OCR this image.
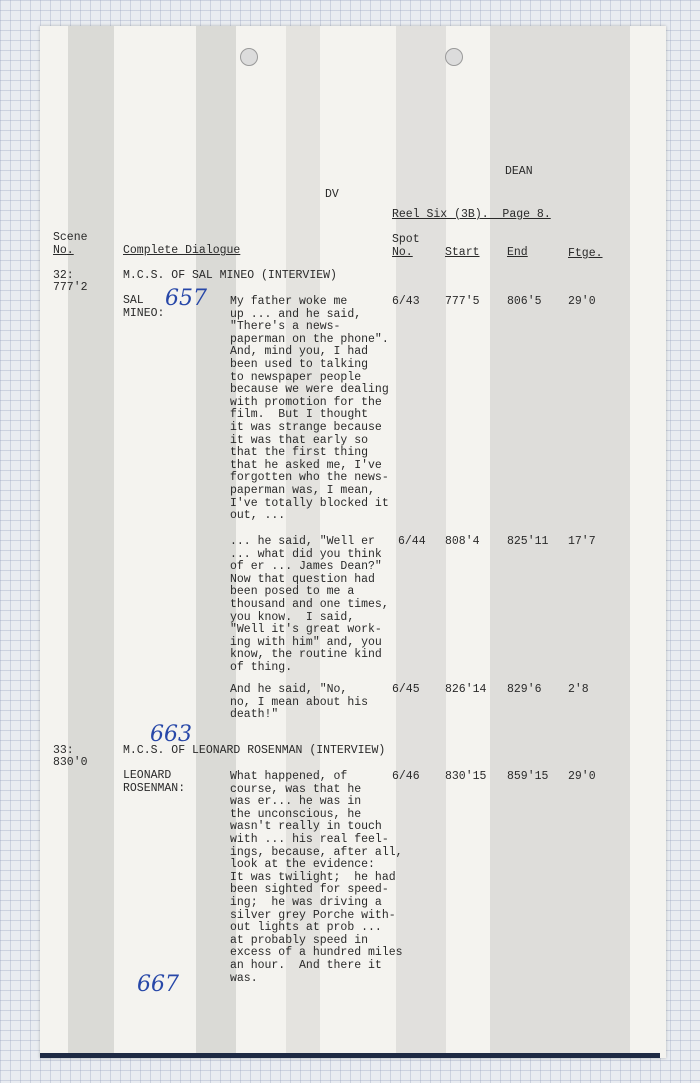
DEAN
DV
Reel Six (3B).  Page 8.
Scene
No.	Complete Dialogue
Spot
No.	Start End	Ftge.
32:
777'2
M.C.S. OF SAL MINEO (INTERVIEW)
SAL
MINEO:
657 My father woke me
up ... and he said,
"There's a news-
paperman on the phone".
And, mind you, I had
been used to talking
to newspaper people
because we were dealing
with promotion for the
film.  But I thought
it was strange because
it was that early so
that the first thing
that he asked me, I've
forgotten who the news-
paperman was, I mean,
I've totally blocked it
out, ...
6/43 777'5 806'5 29'0
... he said, "Well er
... what did you think
of er ... James Dean?"
Now that question had
been posed to me a
thousand and one times,
you know.  I said,
"Well it's great work-
ing with him" and, you
know, the routine kind
of thing.
6/44 808'4 825'11 17'7
And he said, "No,
no, I mean about his
death!"
6/45 826'14 829'6 2'8
663
33:
830'0
M.C.S. OF LEONARD ROSENMAN (INTERVIEW)
LEONARD
ROSENMAN:
What happened, of
course, was that he
was er... he was in
the unconscious, he
wasn't really in touch
with ... his real feel-
ings, because, after all,
look at the evidence:
It was twilight;  he had
been sighted for speed-
ing;  he was driving a
silver grey Porche with-
out lights at prob ...
at probably speed in
excess of a hundred miles
an hour.  And there it
was.
6/46 830'15 859'15 29'0
667
